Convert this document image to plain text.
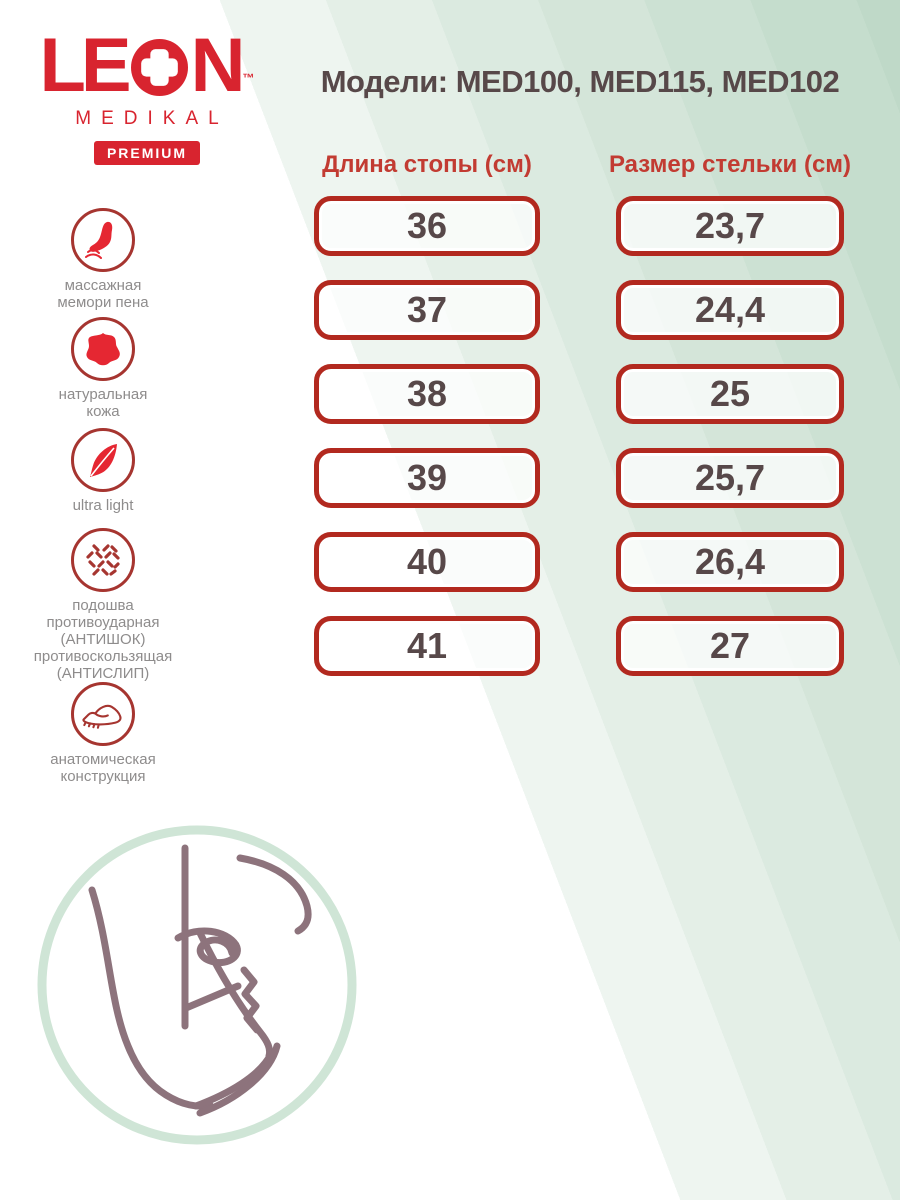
LE N ™
MEDIKAL
PREMIUM
Модели: MED100, MED115, MED102
Длина стопы (см)	Размер стельки (см)
36
37
38
39
40
41
23,7
24,4
25
25,7
26,4
27
массажная
мемори пена
натуральная
кожа
ultra light
подошва
противоударная
(АНТИШОК)
противоскользящая
(АНТИСЛИП)
анатомическая
конструкция
